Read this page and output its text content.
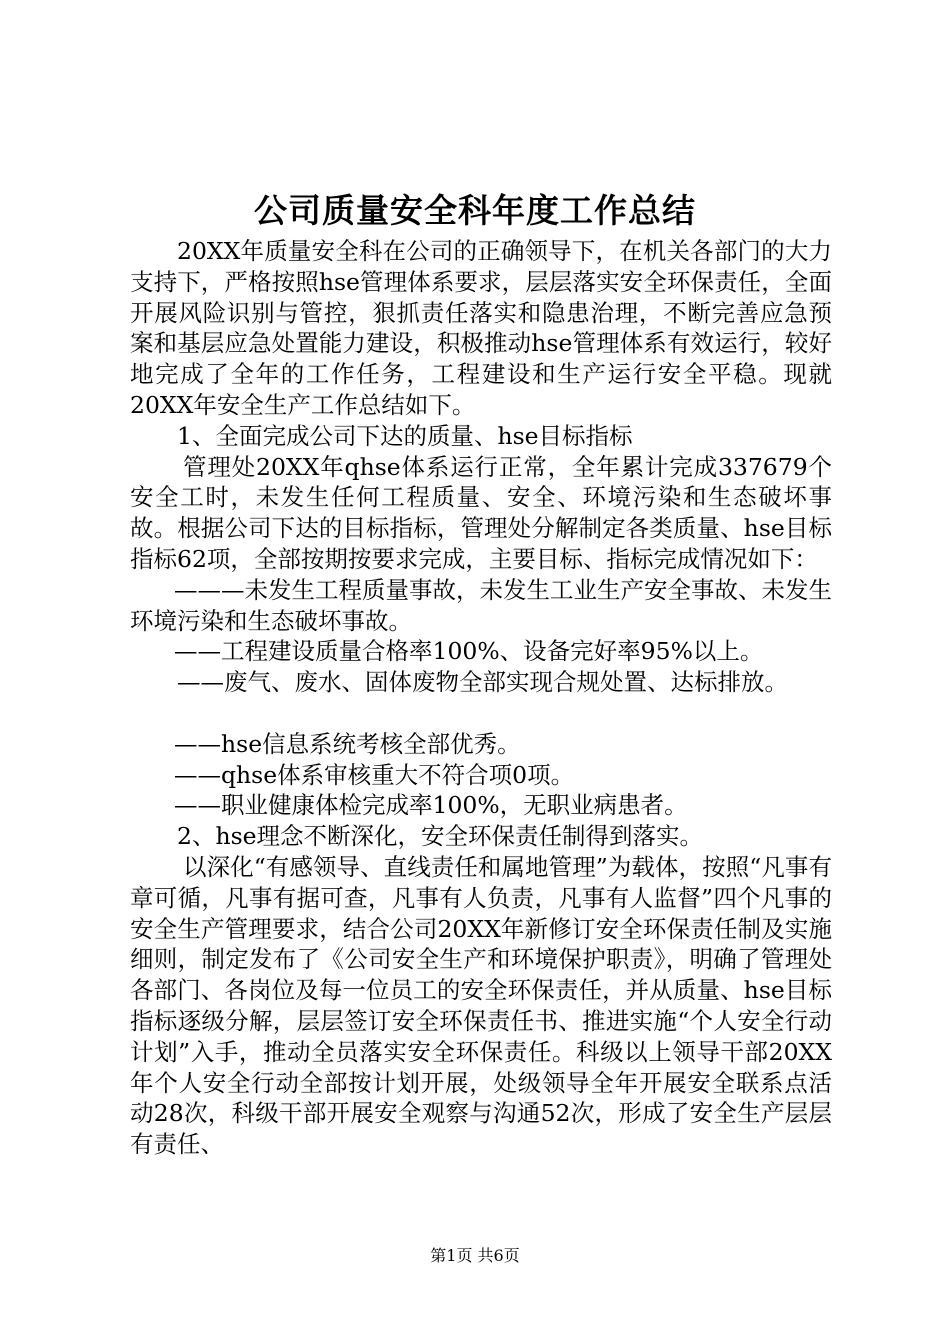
公司质量安全科年度工作总结

20XX年质量安全科在公司的正确领导下，在机关各部门的大力支持下，严格按照hse管理体系要求，层层落实安全环保责任，全面开展风险识别与管控，狠抓责任落实和隐患治理，不断完善应急预案和基层应急处置能力建设，积极推动hse管理体系有效运行，较好地完成了全年的工作任务，工程建设和生产运行安全平稳。现就20XX年安全生产工作总结如下。

1、全面完成公司下达的质量、hse目标指标

管理处20XX年qhse体系运行正常，全年累计完成337679个安全工时，未发生任何工程质量、安全、环境污染和生态破坏事故。根据公司下达的目标指标，管理处分解制定各类质量、hse目标指标62项，全部按期按要求完成，主要目标、指标完成情况如下：

———未发生工程质量事故，未发生工业生产安全事故、未发生环境污染和生态破坏事故。

——工程建设质量合格率100%、设备完好率95%以上。

——废气、废水、固体废物全部实现合规处置、达标排放。

——hse信息系统考核全部优秀。

——qhse体系审核重大不符合项0项。

——职业健康体检完成率100%，无职业病患者。

2、hse理念不断深化，安全环保责任制得到落实。

以深化“有感领导、直线责任和属地管理”为载体，按照“凡事有章可循，凡事有据可查，凡事有人负责，凡事有人监督”四个凡事的安全生产管理要求，结合公司20XX年新修订安全环保责任制及实施细则，制定发布了《公司安全生产和环境保护职责》，明确了管理处各部门、各岗位及每一位员工的安全环保责任，并从质量、hse目标指标逐级分解，层层签订安全环保责任书、推进实施“个人安全行动计划”入手，推动全员落实安全环保责任。科级以上领导干部20XX年个人安全行动全部按计划开展，处级领导全年开展安全联系点活动28次，科级干部开展安全观察与沟通52次，形成了安全生产层层有责任、

第1页 共6页
